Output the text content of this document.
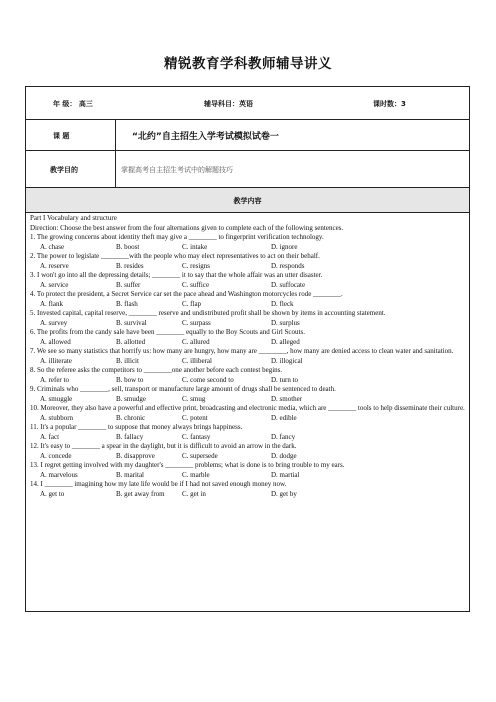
精锐教育学科教师辅导讲义
年 级： 高三	辅导科目：英语	课时数：3
课 题	“北约”自主招生入学考试模拟试卷一
教学目的	掌握高考自主招生考试中的解题技巧
教学内容
Part I Vocabulary and structure
Direction: Choose the best answer from the four alternations given to complete each of the following sentences.
1. The growing concerns about identity theft may give a ________ to fingerprint verification technology.
A. chase	B. boost	C. intake	D. ignore
2. The power to legislate ________with the people who may elect representatives to act on their behalf.
A. reserve	B. resides	C. resigns	D. responds
3. I won't go into all the depressing details; ________ it to say that the whole affair was an utter disaster.
A. service	B. suffer	C. suffice	D. suffocate
4. To protect the president, a Secret Service car set the pace ahead and Washington motorcycles rode ________.
A. flank	B. flash	C. flap	D. fleck
5. Invested capital, capital reserve, ________ reserve and undistributed profit shall be shown by items in accounting statement.
A. survey	B. survival	C. surpass	D. surplus
6. The profits from the candy sale have been ________ equally to the Boy Scouts and Girl Scouts.
A. allowed	B. allotted	C. allured	D. alleged
7. We see so many statistics that horrify us: how many are hungry, how many are ________, how many are denied access to clean water and sanitation.
A. illiterate	B. illicit	C. illiberal	D. illogical
8. So the referee asks the competitors to ________one another before each contest begins.
A. refer to	B. bow to	C. come second to	D. turn to
9. Criminals who ________, sell, transport or manufacture large amount of drugs shall be sentenced to death.
A. smuggle	B. smudge	C. smug	D. smother
10. Moreover, they also have a powerful and effective print, broadcasting and electronic media, which are ________ tools to help disseminate their culture.
A. stubborn	B. chronic	C. potent	D. edible
11. It's a popular ________ to suppose that money always brings happiness.
A. fact	B. fallacy	C. fantasy	D. fancy
12. It's easy to ________ a spear in the daylight, but it is difficult to avoid an arrow in the dark.
A. concede	B. disapprove	C. supersede	D. dodge
13. I regret getting involved with my daughter's ________ problems; what is done is to bring trouble to my ears.
A. marvelous	B. marital	C. marble	D. martial
14. I ________ imagining how my late life would be if I had not saved enough money now.
A. get to	B. get away from	C. get in	D. get by
